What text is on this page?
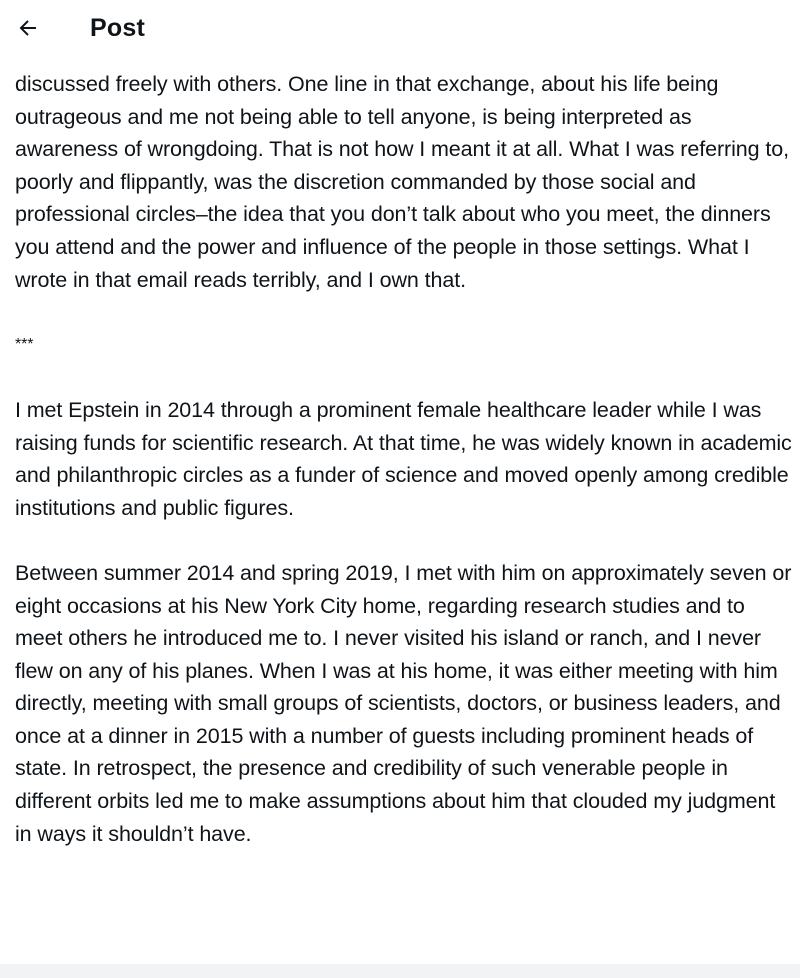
Post

discussed freely with others. One line in that exchange, about his life being outrageous and me not being able to tell anyone, is being interpreted as awareness of wrongdoing. That is not how I meant it at all. What I was referring to, poorly and flippantly, was the discretion commanded by those social and professional circles–the idea that you don’t talk about who you meet, the dinners you attend and the power and influence of the people in those settings. What I wrote in that email reads terribly, and I own that.

***

I met Epstein in 2014 through a prominent female healthcare leader while I was raising funds for scientific research. At that time, he was widely known in academic and philanthropic circles as a funder of science and moved openly among credible institutions and public figures.

Between summer 2014 and spring 2019, I met with him on approximately seven or eight occasions at his New York City home, regarding research studies and to meet others he introduced me to. I never visited his island or ranch, and I never flew on any of his planes. When I was at his home, it was either meeting with him directly, meeting with small groups of scientists, doctors, or business leaders, and once at a dinner in 2015 with a number of guests including prominent heads of state. In retrospect, the presence and credibility of such venerable people in different orbits led me to make assumptions about him that clouded my judgment in ways it shouldn’t have.
